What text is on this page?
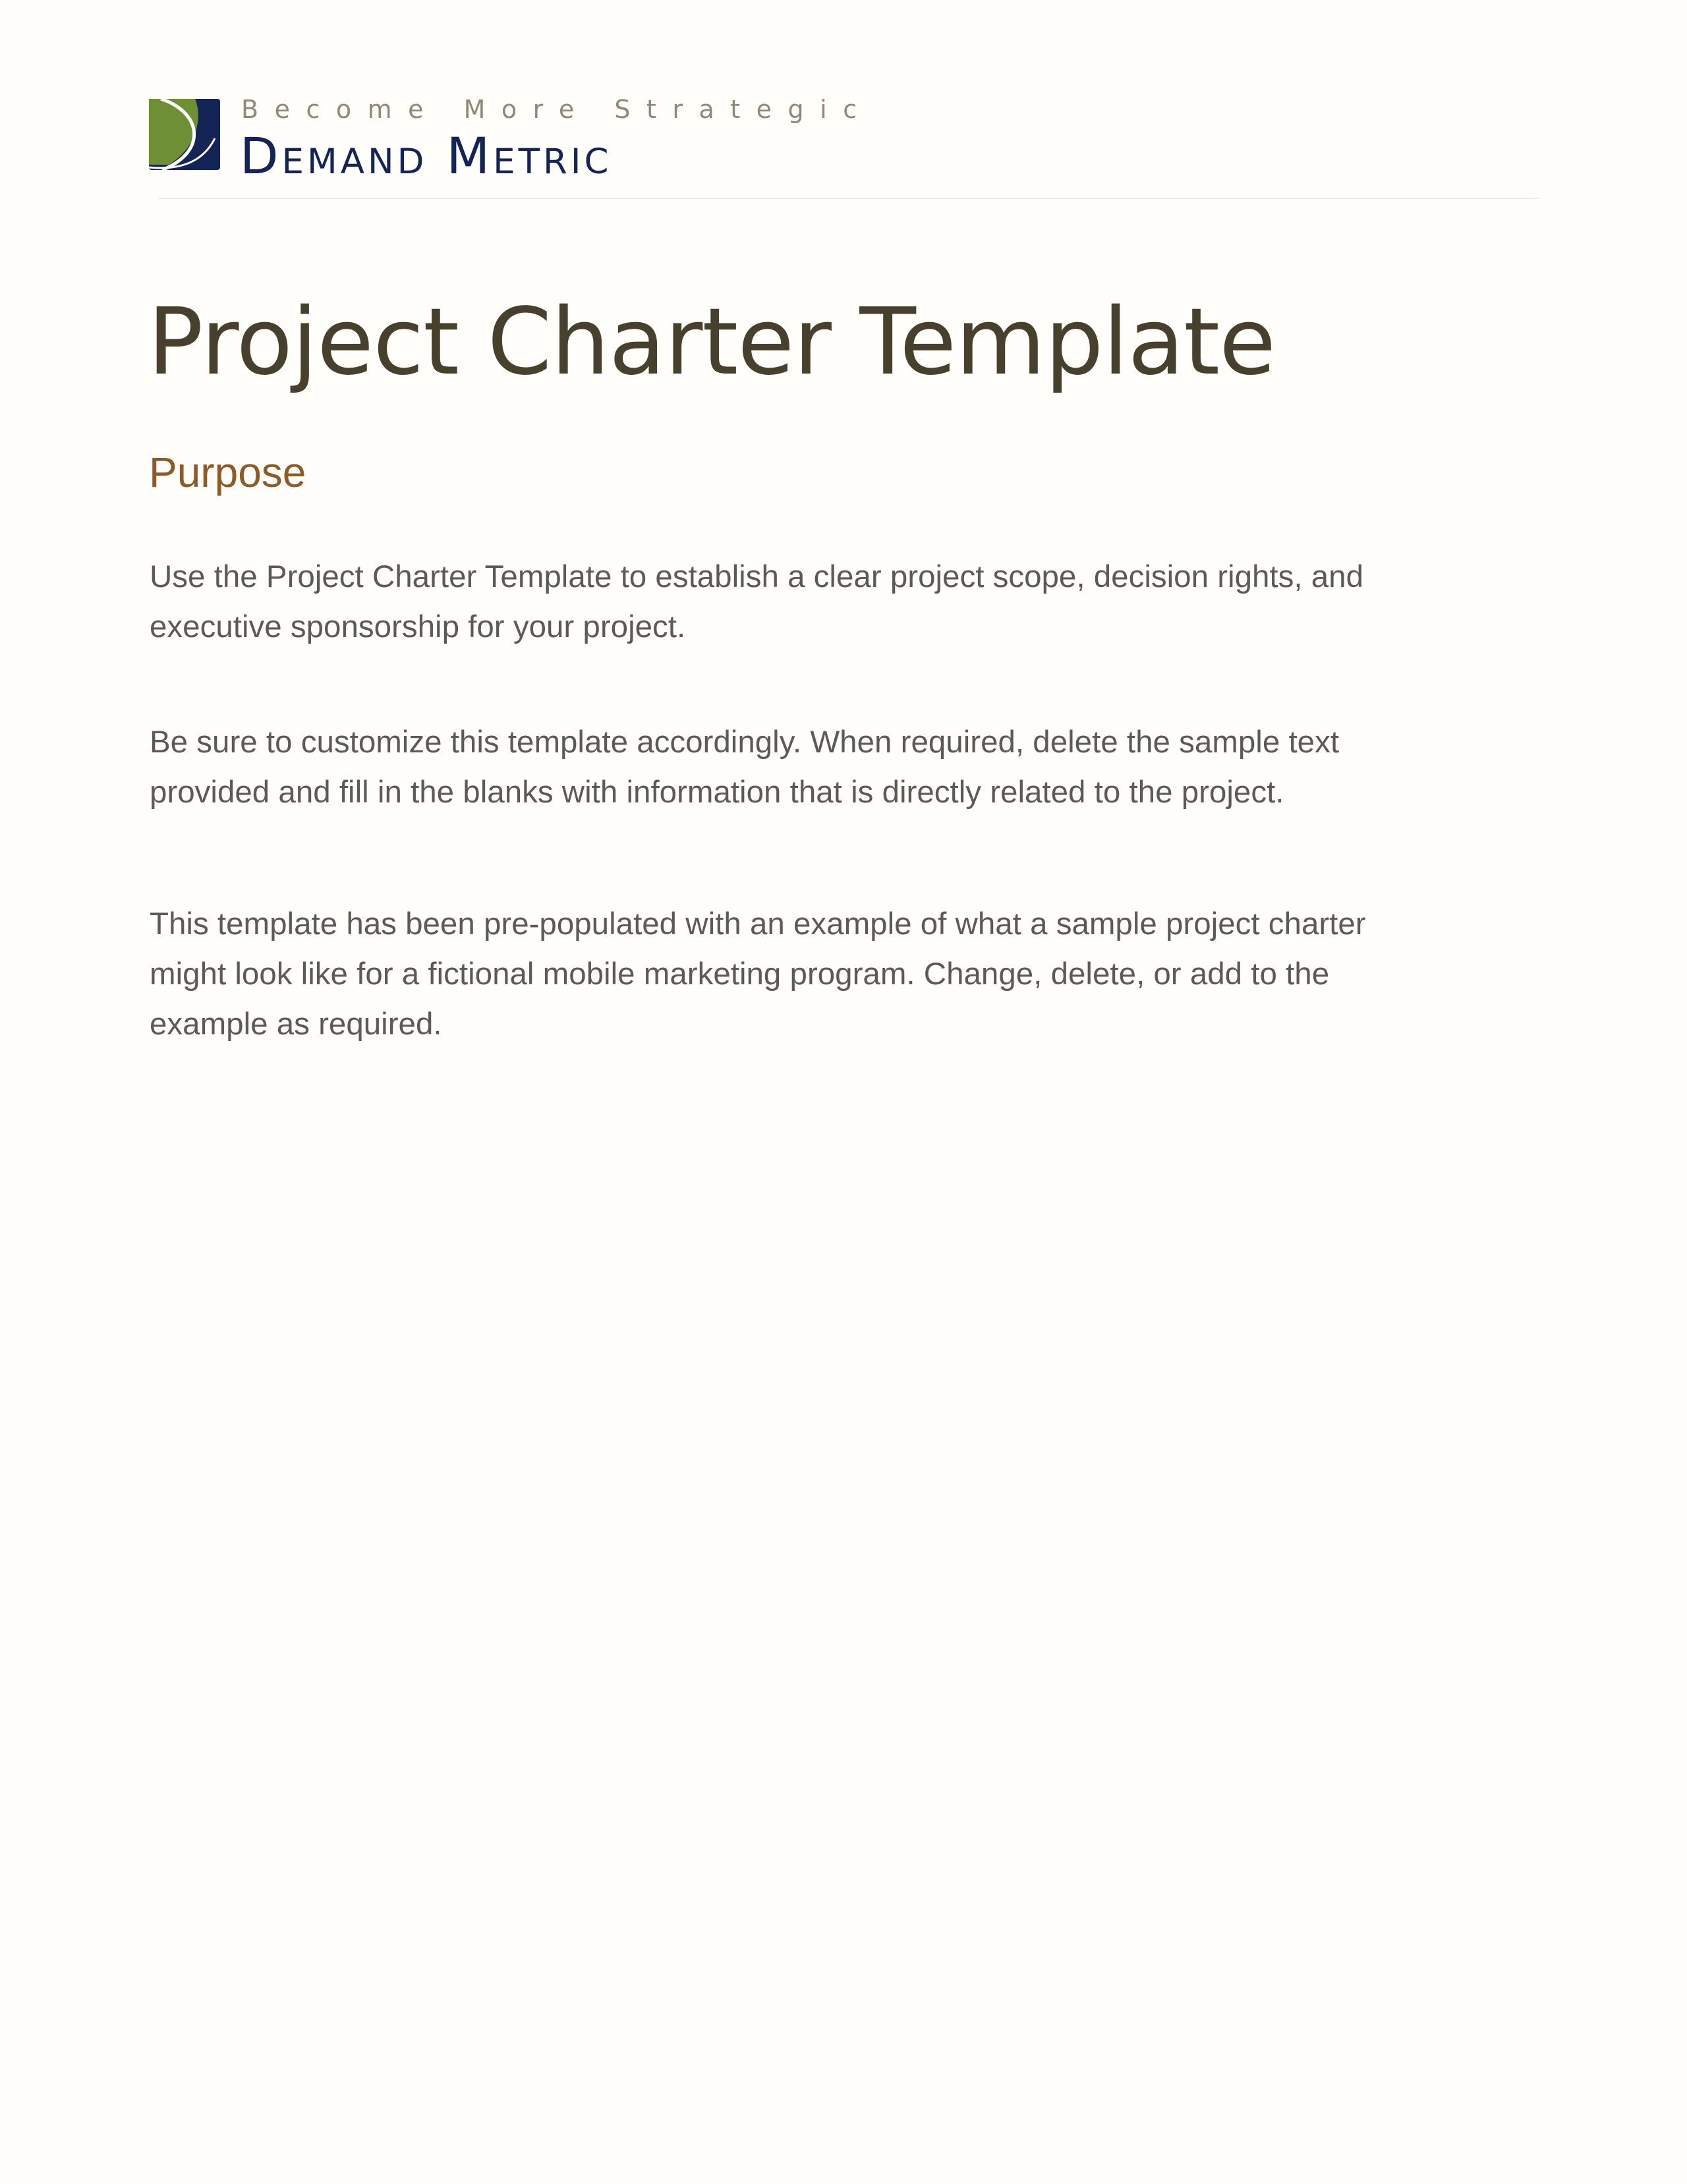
Become More Strategic
Demand Metric
Project Charter Template
Purpose
Use the Project Charter Template to establish a clear project scope, decision rights, and
executive sponsorship for your project.
Be sure to customize this template accordingly. When required, delete the sample text
provided and fill in the blanks with information that is directly related to the project.
This template has been pre-populated with an example of what a sample project charter
might look like for a fictional mobile marketing program. Change, delete, or add to the
example as required.
